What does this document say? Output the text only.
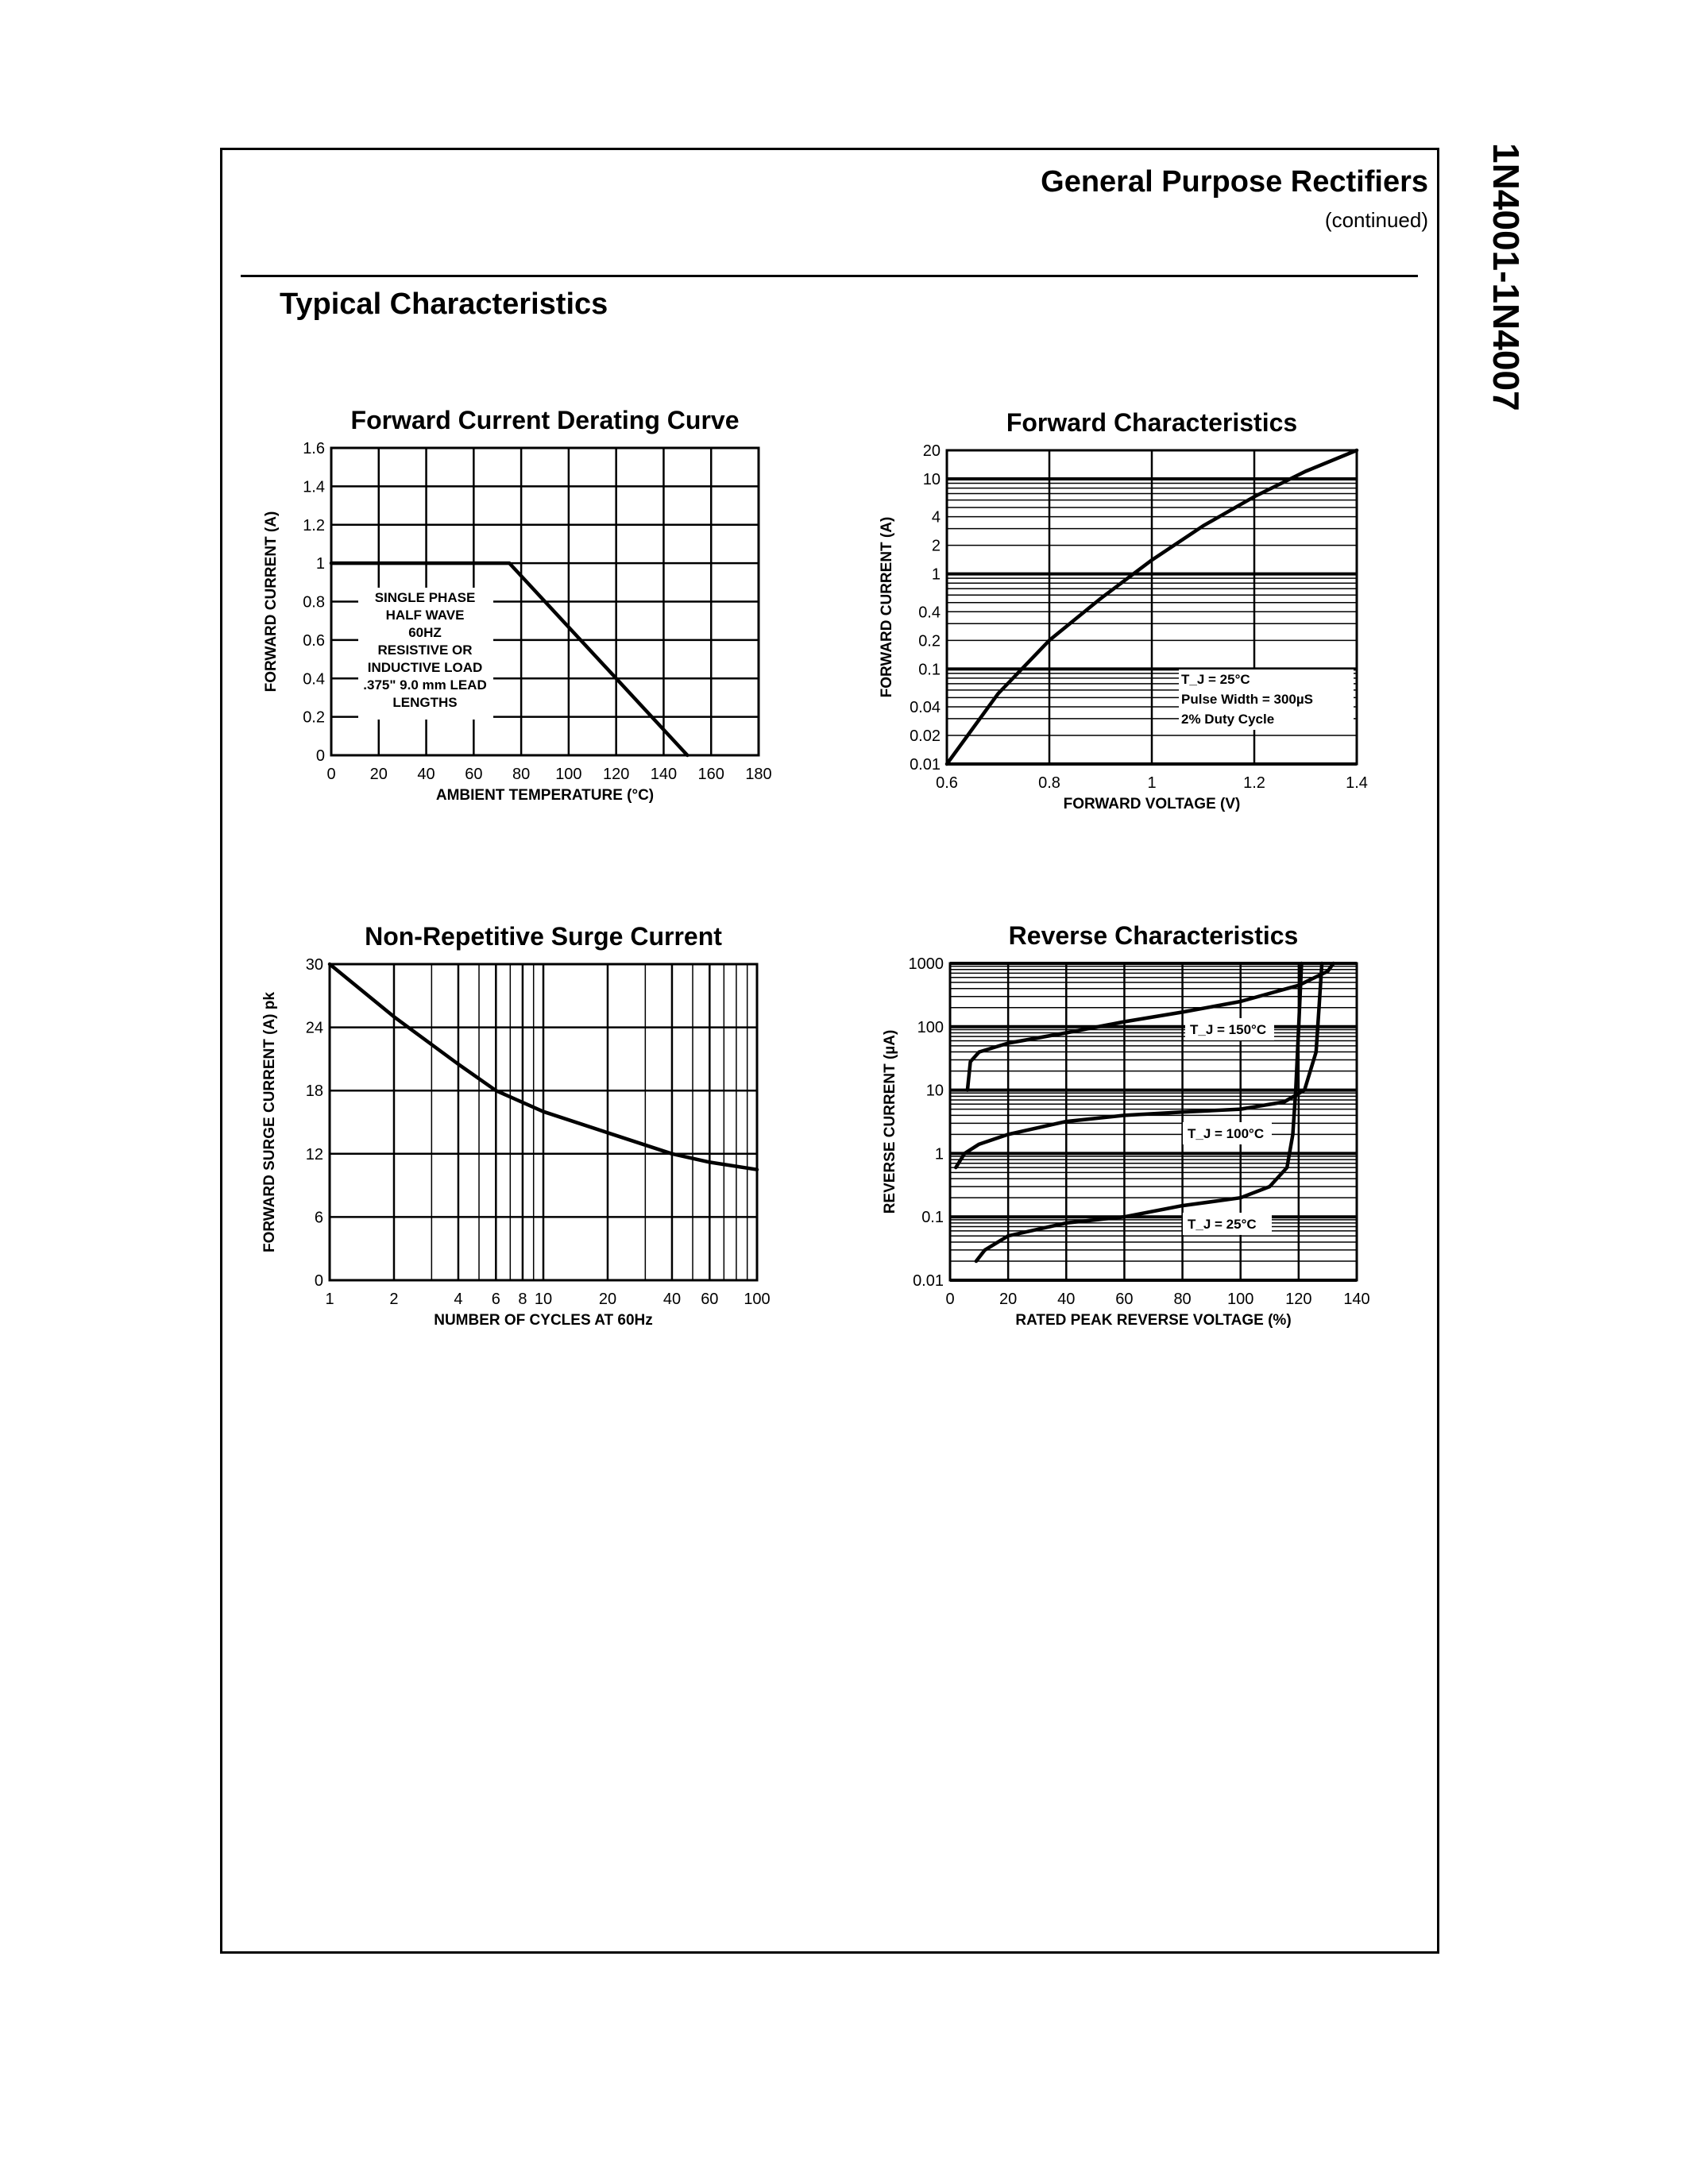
General Purpose Rectifiers
(continued)
Typical Characteristics	1N4001-1N4007
Forward Current Derating Curve
0 20 40 60 80 100 120 140 160 180
0
0.2
0.4
0.6
0.8
1
1.2
1.4
1.6
AMBIENT TEMPERATURE (°C)
FORWARD CURRENT (A)	SINGLE PHASE
HALF WAVE
60HZ
RESISTIVE OR
INDUCTIVE LOAD
.375" 9.0 mm LEAD
LENGTHS
Forward Characteristics
0.6	0.8	1	1.2	1.4
0.01
0.02
0.04
0.1
0.2
0.4
1
2
4
10
20
FORWARD VOLTAGE (V)
FORWARD CURRENT (A)	T_J = 25°C
Pulse Width = 300µS
2% Duty Cycle
Non-Repetitive Surge Current
1	2	4 6 8 10	20	40 60 100
0
6
12
18
24
30
NUMBER OF CYCLES AT 60Hz
FORWARD SURGE CURRENT (A) pk
Reverse Characteristics
0	20	40	60	80 100 120 140
0.01
0.1
1
10
100
1000
RATED PEAK REVERSE VOLTAGE (%)
REVERSE CURRENT (µA)
T_J = 150°C
T_J = 100°C
T_J = 25°C
